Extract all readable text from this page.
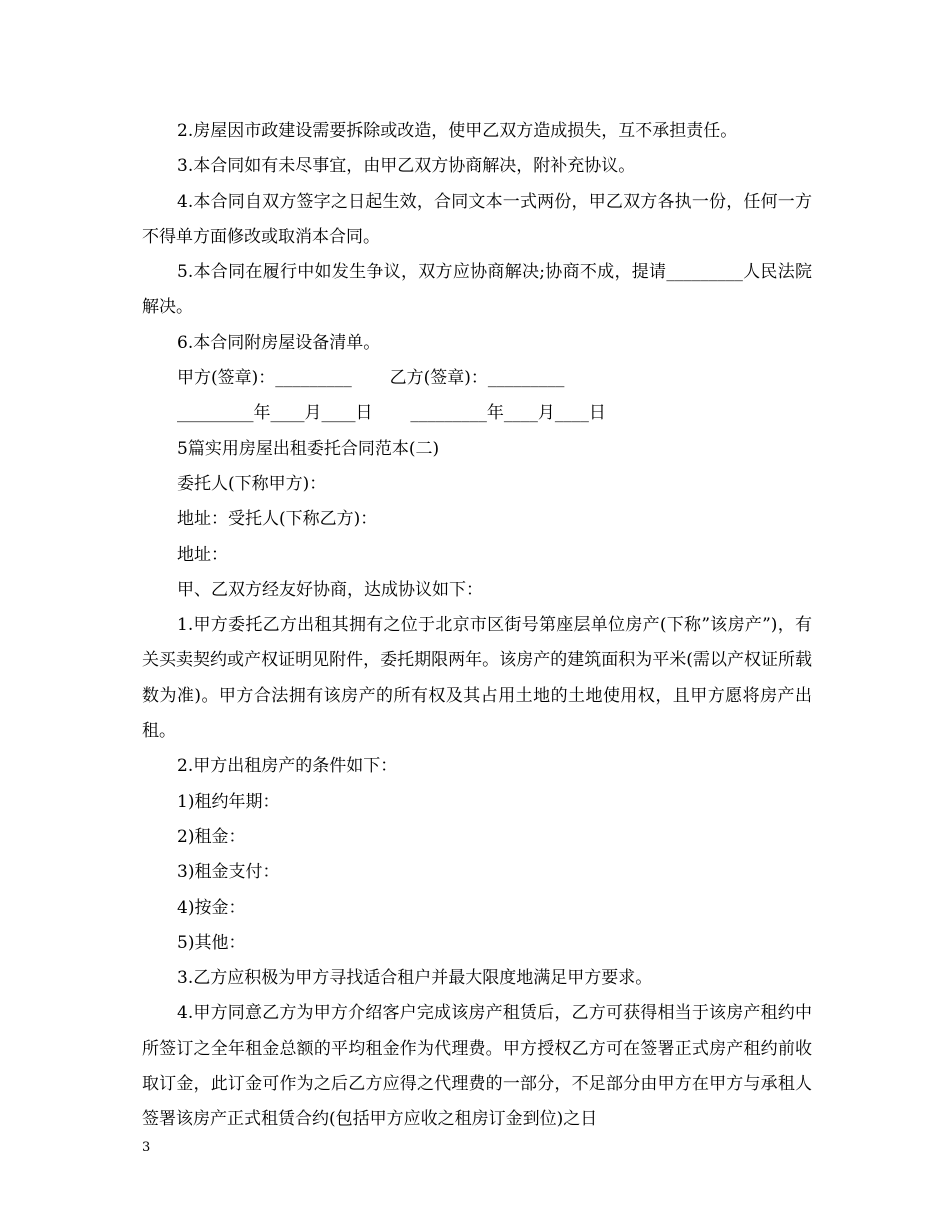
2.房屋因市政建设需要拆除或改造，使甲乙双方造成损失，互不承担责任。

3.本合同如有未尽事宜，由甲乙双方协商解决，附补充协议。

4.本合同自双方签字之日起生效，合同文本一式两份，甲乙双方各执一份，任何一方不得单方面修改或取消本合同。

5.本合同在履行中如发生争议，双方应协商解决;协商不成，提请_________人民法院解决。

6.本合同附房屋设备清单。

甲方(签章)：_________       乙方(签章)：_________

_________年____月____日       _________年____月____日

5篇实用房屋出租委托合同范本(二)

委托人(下称甲方)：

地址：受托人(下称乙方)：

地址：

甲、乙双方经友好协商，达成协议如下：

1.甲方委托乙方出租其拥有之位于北京市区街号第座层单位房产(下称”该房产”)，有关买卖契约或产权证明见附件，委托期限两年。该房产的建筑面积为平米(需以产权证所载数为准)。甲方合法拥有该房产的所有权及其占用土地的土地使用权，且甲方愿将房产出租。

2.甲方出租房产的条件如下：

1)租约年期：

2)租金：

3)租金支付：

4)按金：

5)其他：

3.乙方应积极为甲方寻找适合租户并最大限度地满足甲方要求。

4.甲方同意乙方为甲方介绍客户完成该房产租赁后，乙方可获得相当于该房产租约中所签订之全年租金总额的平均租金作为代理费。甲方授权乙方可在签署正式房产租约前收取订金，此订金可作为之后乙方应得之代理费的一部分，不足部分由甲方在甲方与承租人签署该房产正式租赁合约(包括甲方应收之租房订金到位)之日

3
